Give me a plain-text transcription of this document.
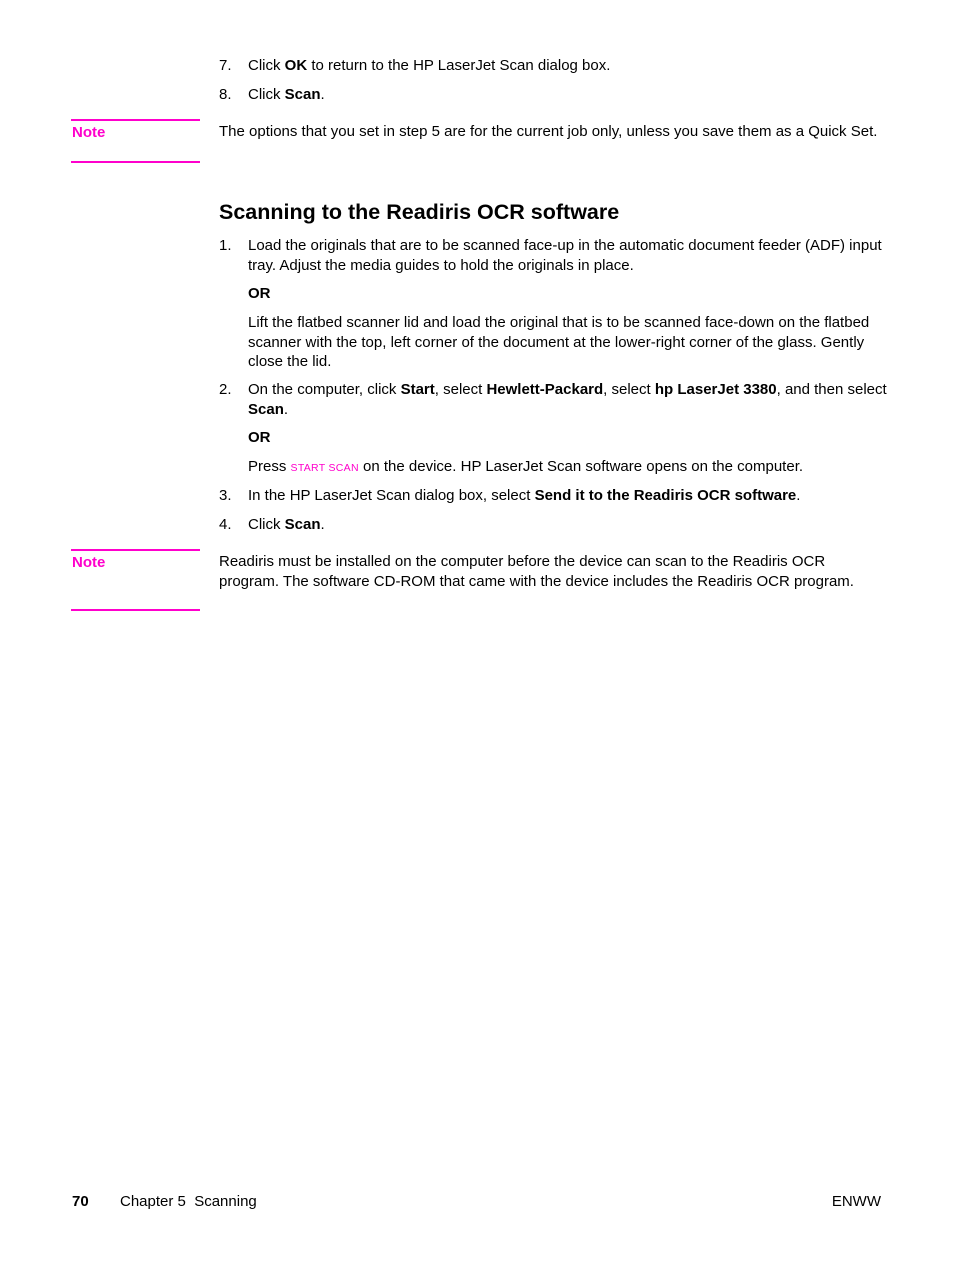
7. Click OK to return to the HP LaserJet Scan dialog box.
8. Click Scan.
Note	The options that you set in step 5 are for the current job only, unless you save them as a Quick Set.
Scanning to the Readiris OCR software
1. Load the originals that are to be scanned face-up in the automatic document feeder (ADF) input tray. Adjust the media guides to hold the originals in place.
OR
Lift the flatbed scanner lid and load the original that is to be scanned face-down on the flatbed scanner with the top, left corner of the document at the lower-right corner of the glass. Gently close the lid.
2. On the computer, click Start, select Hewlett-Packard, select hp LaserJet 3380, and then select Scan.
OR
Press START SCAN on the device. HP LaserJet Scan software opens on the computer.
3. In the HP LaserJet Scan dialog box, select Send it to the Readiris OCR software.
4. Click Scan.
Note	Readiris must be installed on the computer before the device can scan to the Readiris OCR program. The software CD-ROM that came with the device includes the Readiris OCR program.
70 Chapter 5  Scanning	ENWW
